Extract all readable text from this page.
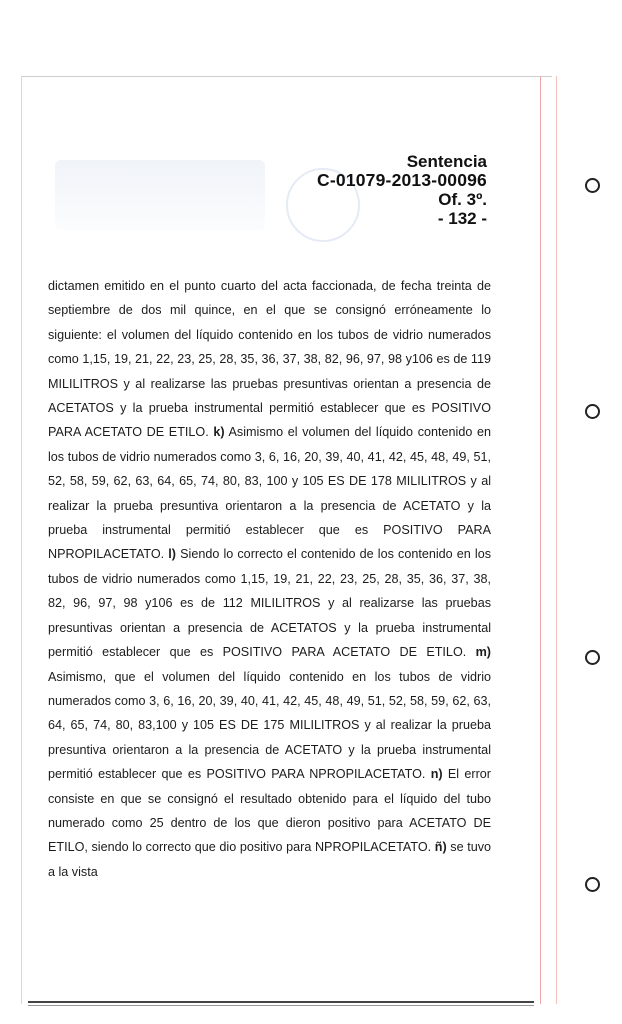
Sentencia
C-01079-2013-00096
Of. 3º.
- 132 -

dictamen emitido en el punto cuarto del acta faccionada, de fecha treinta de septiembre de dos mil quince, en el que se consignó erróneamente lo siguiente: el volumen del líquido contenido en los tubos de vidrio numerados como 1,15, 19, 21, 22, 23, 25, 28, 35, 36, 37, 38, 82, 96, 97, 98 y106 es de 119 MILILITROS y al realizarse las pruebas presuntivas orientan a presencia de ACETATOS y la prueba instrumental permitió establecer que es POSITIVO PARA ACETATO DE ETILO. k) Asimismo el volumen del líquido contenido en los tubos de vidrio numerados como 3, 6, 16, 20, 39, 40, 41, 42, 45, 48, 49, 51, 52, 58, 59, 62, 63, 64, 65, 74, 80, 83, 100 y 105 ES DE 178 MILILITROS y al realizar la prueba presuntiva orientaron a la presencia de ACETATO y la prueba instrumental permitió establecer que es POSITIVO PARA NPROPILACETATO. l) Siendo lo correcto el contenido de los contenido en los tubos de vidrio numerados como 1,15, 19, 21, 22, 23, 25, 28, 35, 36, 37, 38, 82, 96, 97, 98 y106 es de 112 MILILITROS y al realizarse las pruebas presuntivas orientan a presencia de ACETATOS y la prueba instrumental permitió establecer que es POSITIVO PARA ACETATO DE ETILO. m) Asimismo, que el volumen del líquido contenido en los tubos de vidrio numerados como 3, 6, 16, 20, 39, 40, 41, 42, 45, 48, 49, 51, 52, 58, 59, 62, 63, 64, 65, 74, 80, 83,100 y 105 ES DE 175 MILILITROS y al realizar la prueba presuntiva orientaron a la presencia de ACETATO y la prueba instrumental permitió establecer que es POSITIVO PARA NPROPILACETATO. n) El error consiste en que se consignó el resultado obtenido para el líquido del tubo numerado como 25 dentro de los que dieron positivo para ACETATO DE ETILO, siendo lo correcto que dio positivo para NPROPILACETATO. ñ) se tuvo a la vista
